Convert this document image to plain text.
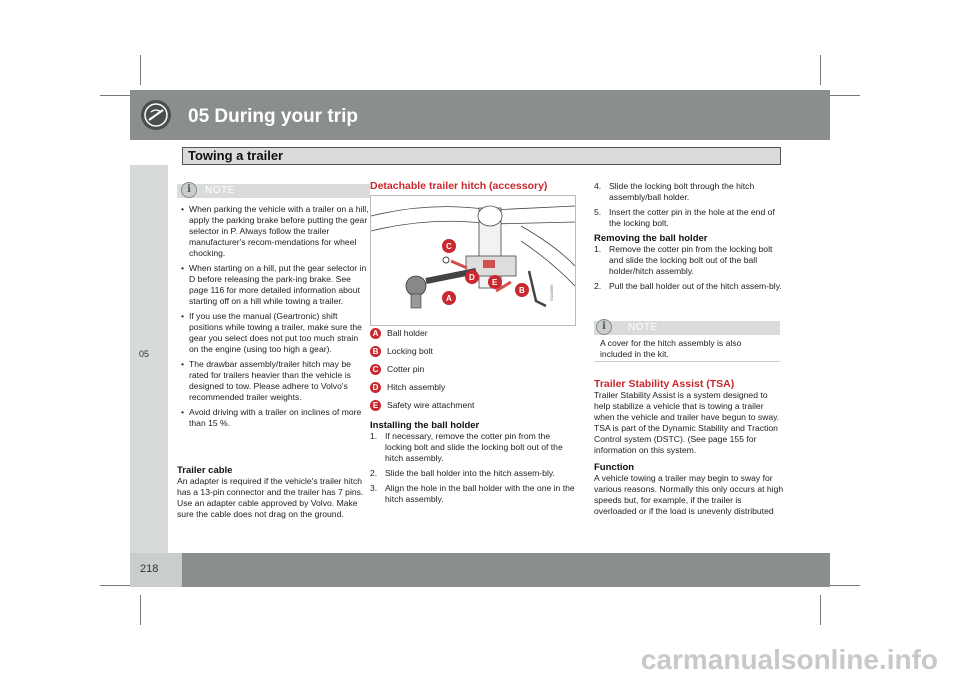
05 During your trip
Towing a trailer
05
i	NOTE
• When parking the vehicle with a trailer on a hill, apply the parking brake before putting the gear selector in P. Always follow the trailer manufacturer's recom-mendations for wheel chocking.
• When starting on a hill, put the gear selector in D before releasing the park-ing brake. See page 116 for more detailed information about starting off on a hill while towing a trailer.
• If you use the manual (Geartronic) shift positions while towing a trailer, make sure the gear you select does not put too much strain on the engine (using too high a gear).
• The drawbar assembly/trailer hitch may be rated for trailers heavier than the vehicle is designed to tow. Please adhere to Volvo's recommended trailer weights.
• Avoid driving with a trailer on inclines of more than 15 %.
Trailer cable
An adapter is required if the vehicle's trailer hitch has a 13-pin connector and the trailer has 7 pins. Use an adapter cable approved by Volvo. Make sure the cable does not drag on the ground.
Detachable trailer hitch (accessory)
C
D
E
B
A	G020066
A	Ball holder
B	Locking bolt
C	Cotter pin
D	Hitch assembly
E	Safety wire attachment
Installing the ball holder
1. If necessary, remove the cotter pin from the locking bolt and slide the locking bolt out of the hitch assembly.
2. Slide the ball holder into the hitch assem-bly.
3. Align the hole in the ball holder with the one in the hitch assembly.
4. Slide the locking bolt through the hitch assembly/ball holder.
5. Insert the cotter pin in the hole at the end of the locking bolt.
Removing the ball holder
1. Remove the cotter pin from the locking bolt and slide the locking bolt out of the ball holder/hitch assembly.
2. Pull the ball holder out of the hitch assem-bly.
i	NOTE
A cover for the hitch assembly is also included in the kit.
Trailer Stability Assist (TSA)
Trailer Stability Assist is a system designed to help stabilize a vehicle that is towing a trailer when the vehicle and trailer have begun to sway. TSA is part of the Dynamic Stability and Traction Control system (DSTC). (See page 155 for information on this system.
Function
A vehicle towing a trailer may begin to sway for various reasons. Normally this only occurs at high speeds but, for example, if the trailer is overloaded or if the load is unevenly distributed
218
carmanualsonline.info
